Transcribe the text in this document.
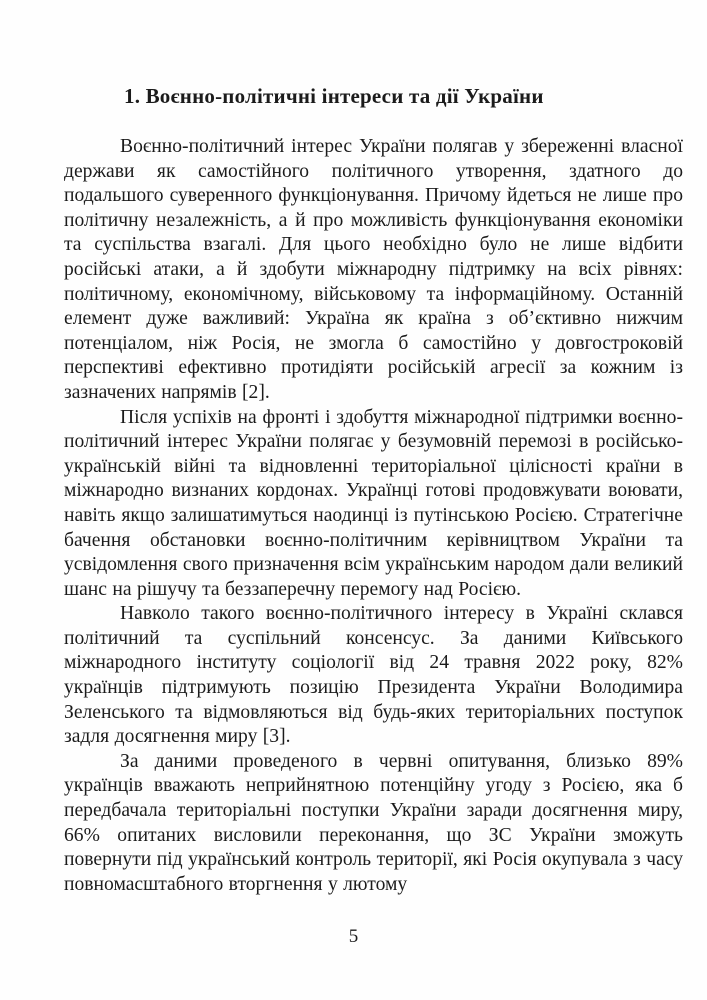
1. Воєнно-політичні інтереси та дії України

Воєнно-політичний інтерес України полягав у збереженні власної держави як самостійного політичного утворення, здатного до подальшого суверенного функціонування. Причому йдеться не лише про політичну незалежність, а й про можливість функціонування економіки та суспільства взагалі. Для цього необхідно було не лише відбити російські атаки, а й здобути міжнародну підтримку на всіх рівнях: політичному, економічному, військовому та інформаційному. Останній елемент дуже важливий: Україна як країна з об’єктивно нижчим потенціалом, ніж Росія, не змогла б самостійно у довгостроковій перспективі ефективно протидіяти російській агресії за кожним із зазначених напрямів [2].

Після успіхів на фронті і здобуття міжнародної підтримки воєнно-політичний інтерес України полягає у безумовній перемозі в російсько-українській війні та відновленні територіальної цілісності країни в міжнародно визнаних кордонах. Українці готові продовжувати воювати, навіть якщо залишатимуться наодинці із путінською Росією. Стратегічне бачення обстановки воєнно-політичним керівництвом України та усвідомлення свого призначення всім українським народом дали великий шанс на рішучу та беззаперечну перемогу над Росією.

Навколо такого воєнно-політичного інтересу в Україні склався політичний та суспільний консенсус. За даними Київського міжнародного інституту соціології від 24 травня 2022 року, 82% українців підтримують позицію Президента України Володимира Зеленського та відмовляються від будь-яких територіальних поступок задля досягнення миру [3].

За даними проведеного в червні опитування, близько 89% українців вважають неприйнятною потенційну угоду з Росією, яка б передбачала територіальні поступки України заради досягнення миру, 66% опитаних висловили переконання, що ЗС України зможуть повернути під український контроль території, які Росія окупувала з часу повномасштабного вторгнення у лютому

5
